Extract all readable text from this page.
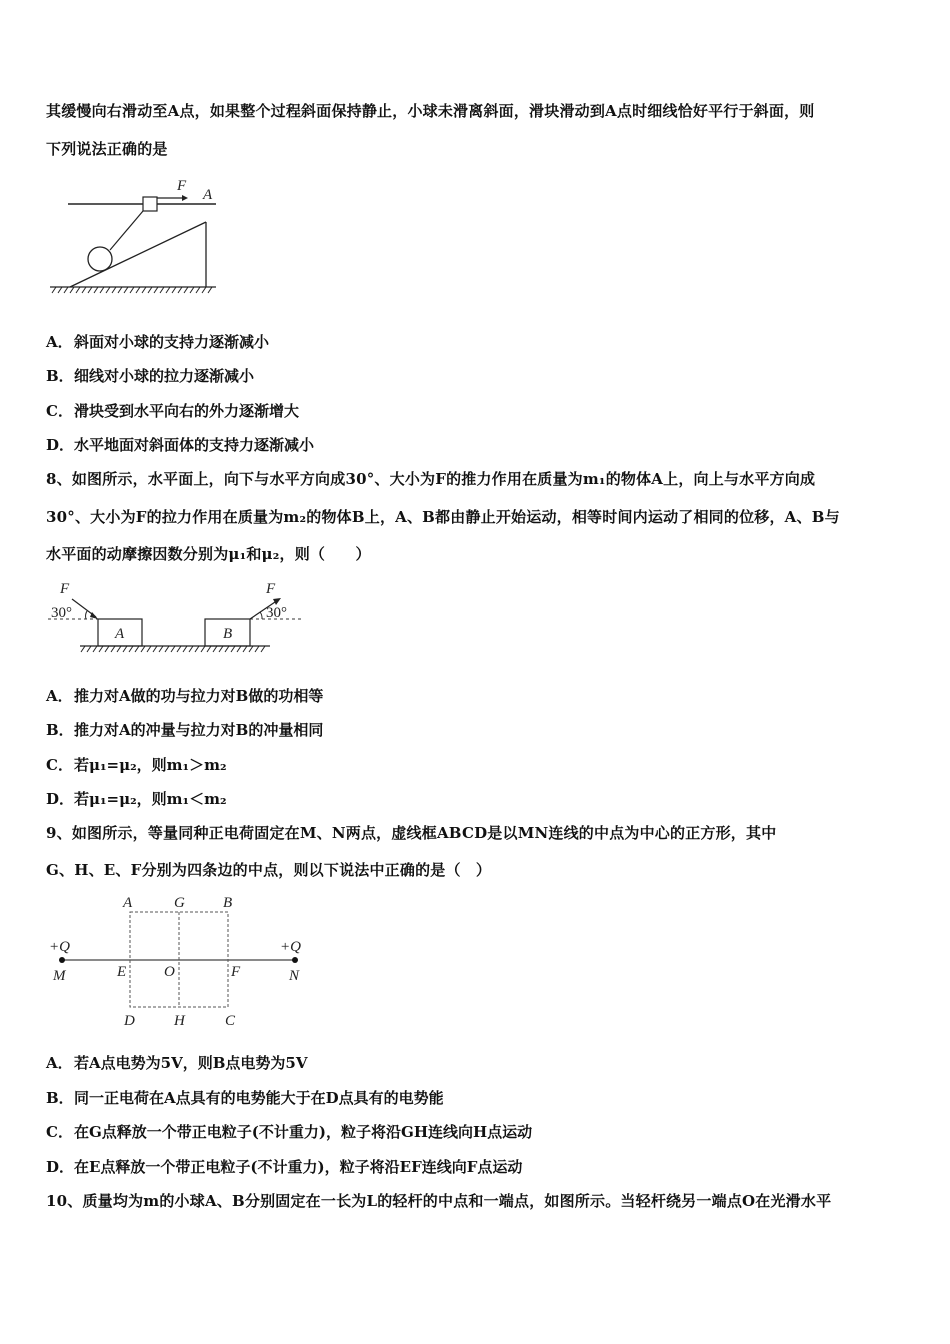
其缓慢向右滑动至A点，如果整个过程斜面保持静止，小球未滑离斜面，滑块滑动到A点时细线恰好平行于斜面，则
下列说法正确的是
F
A
A．斜面对小球的支持力逐渐减小
B．细线对小球的拉力逐渐减小
C．滑块受到水平向右的外力逐渐增大
D．水平地面对斜面体的支持力逐渐减小
8、如图所示，水平面上，向下与水平方向成30°、大小为F的推力作用在质量为m₁的物体A上，向上与水平方向成
30°、大小为F的拉力作用在质量为m₂的物体B上，A、B都由静止开始运动，相等时间内运动了相同的位移，A、B与
水平面的动摩擦因数分别为μ₁和μ₂，则（　　）
A	B
F
30°
F
30°
A．推力对A做的功与拉力对B做的功相等
B．推力对A的冲量与拉力对B的冲量相同
C．若μ₁=μ₂，则m₁＞m₂
D．若μ₁=μ₂，则m₁＜m₂
9、如图所示，等量同种正电荷固定在M、N两点，虚线框ABCD是以MN连线的中点为中心的正方形，其中
G、H、E、F分别为四条边的中点，则以下说法中正确的是（　）
A	G	B
+Q	+Q
M	E	O	F	N
D	H	C
A．若A点电势为5V，则B点电势为5V
B．同一正电荷在A点具有的电势能大于在D点具有的电势能
C．在G点释放一个带正电粒子(不计重力)，粒子将沿GH连线向H点运动
D．在E点释放一个带正电粒子(不计重力)，粒子将沿EF连线向F点运动
10、质量均为m的小球A、B分别固定在一长为L的轻杆的中点和一端点，如图所示。当轻杆绕另一端点O在光滑水平
